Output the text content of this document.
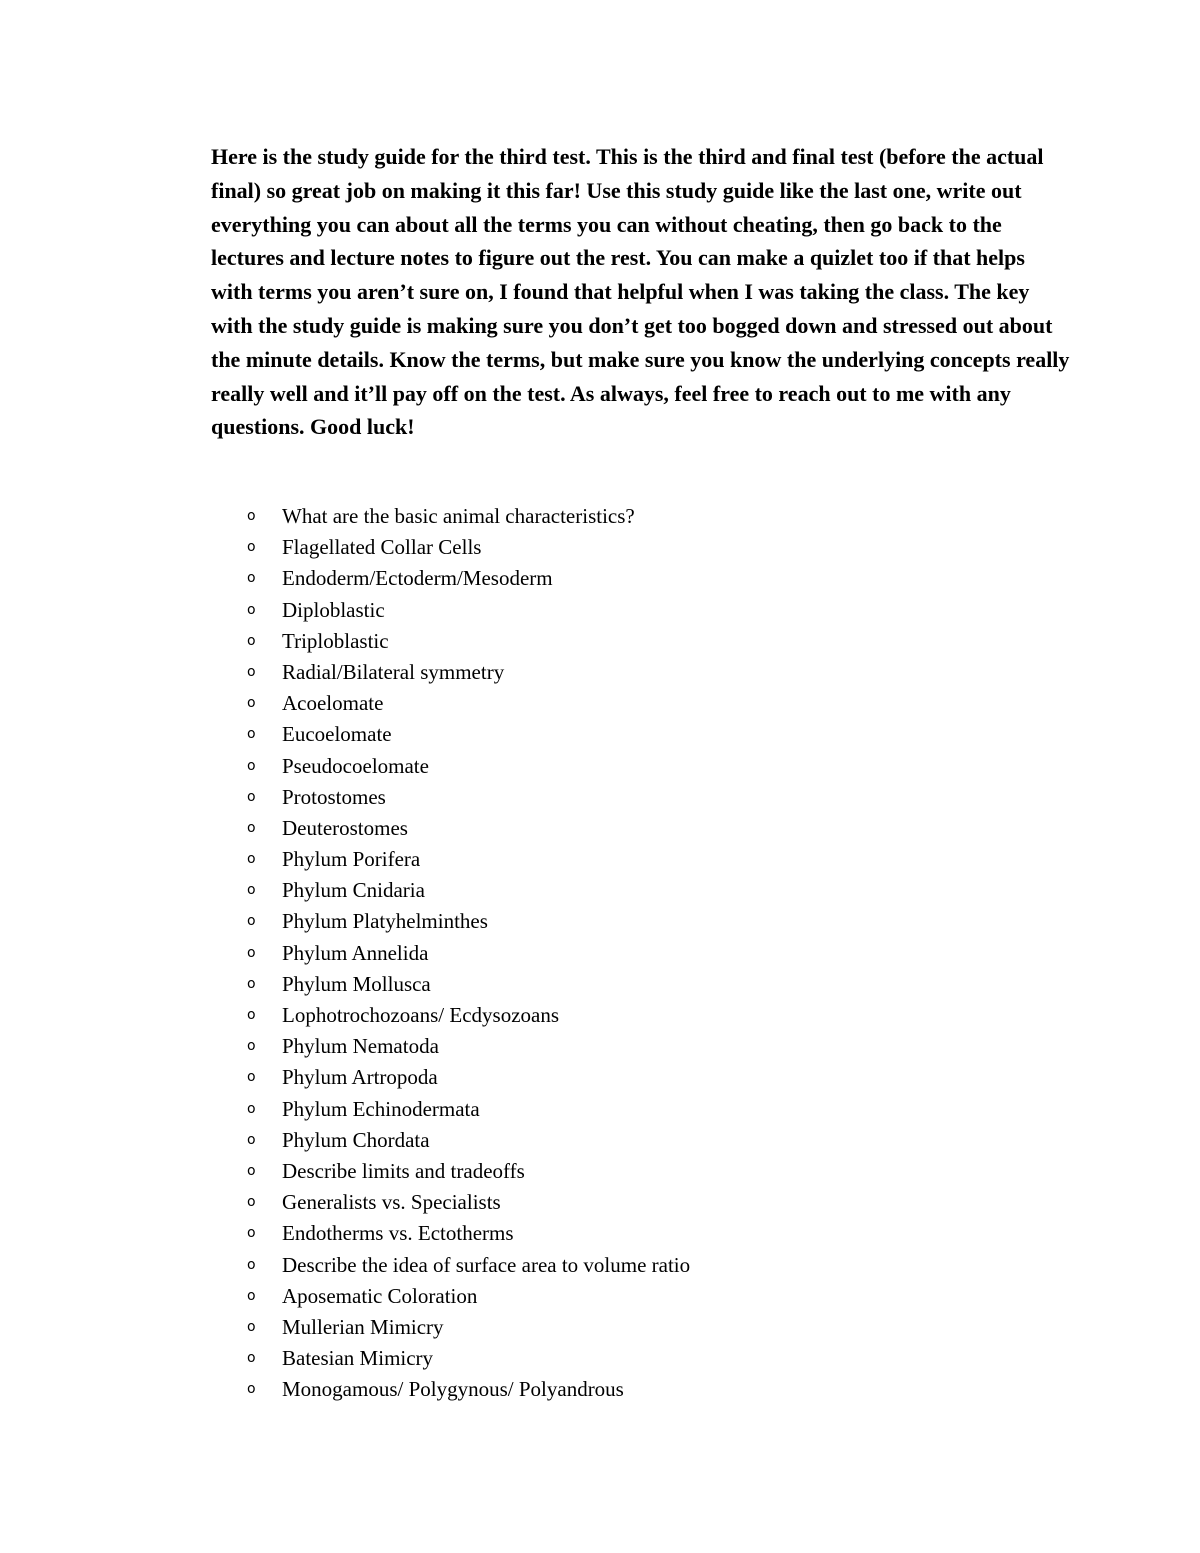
Here is the study guide for the third test. This is the third and final test (before the actual final) so great job on making it this far! Use this study guide like the last one, write out everything you can about all the terms you can without cheating, then go back to the lectures and lecture notes to figure out the rest. You can make a quizlet too if that helps with terms you aren’t sure on, I found that helpful when I was taking the class. The key with the study guide is making sure you don’t get too bogged down and stressed out about the minute details. Know the terms, but make sure you know the underlying concepts really really well and it’ll pay off on the test. As always, feel free to reach out to me with any questions. Good luck!

o	What are the basic animal characteristics?
o	Flagellated Collar Cells
o	Endoderm/Ectoderm/Mesoderm
o	Diploblastic
o	Triploblastic
o	Radial/Bilateral symmetry
o	Acoelomate
o	Eucoelomate
o	Pseudocoelomate
o	Protostomes
o	Deuterostomes
o	Phylum Porifera
o	Phylum Cnidaria
o	Phylum Platyhelminthes
o	Phylum Annelida
o	Phylum Mollusca
o	Lophotrochozoans/ Ecdysozoans
o	Phylum Nematoda
o	Phylum Artropoda
o	Phylum Echinodermata
o	Phylum Chordata
o	Describe limits and tradeoffs
o	Generalists vs. Specialists
o	Endotherms vs. Ectotherms
o	Describe the idea of surface area to volume ratio
o	Aposematic Coloration
o	Mullerian Mimicry
o	Batesian Mimicry
o	Monogamous/ Polygynous/ Polyandrous
